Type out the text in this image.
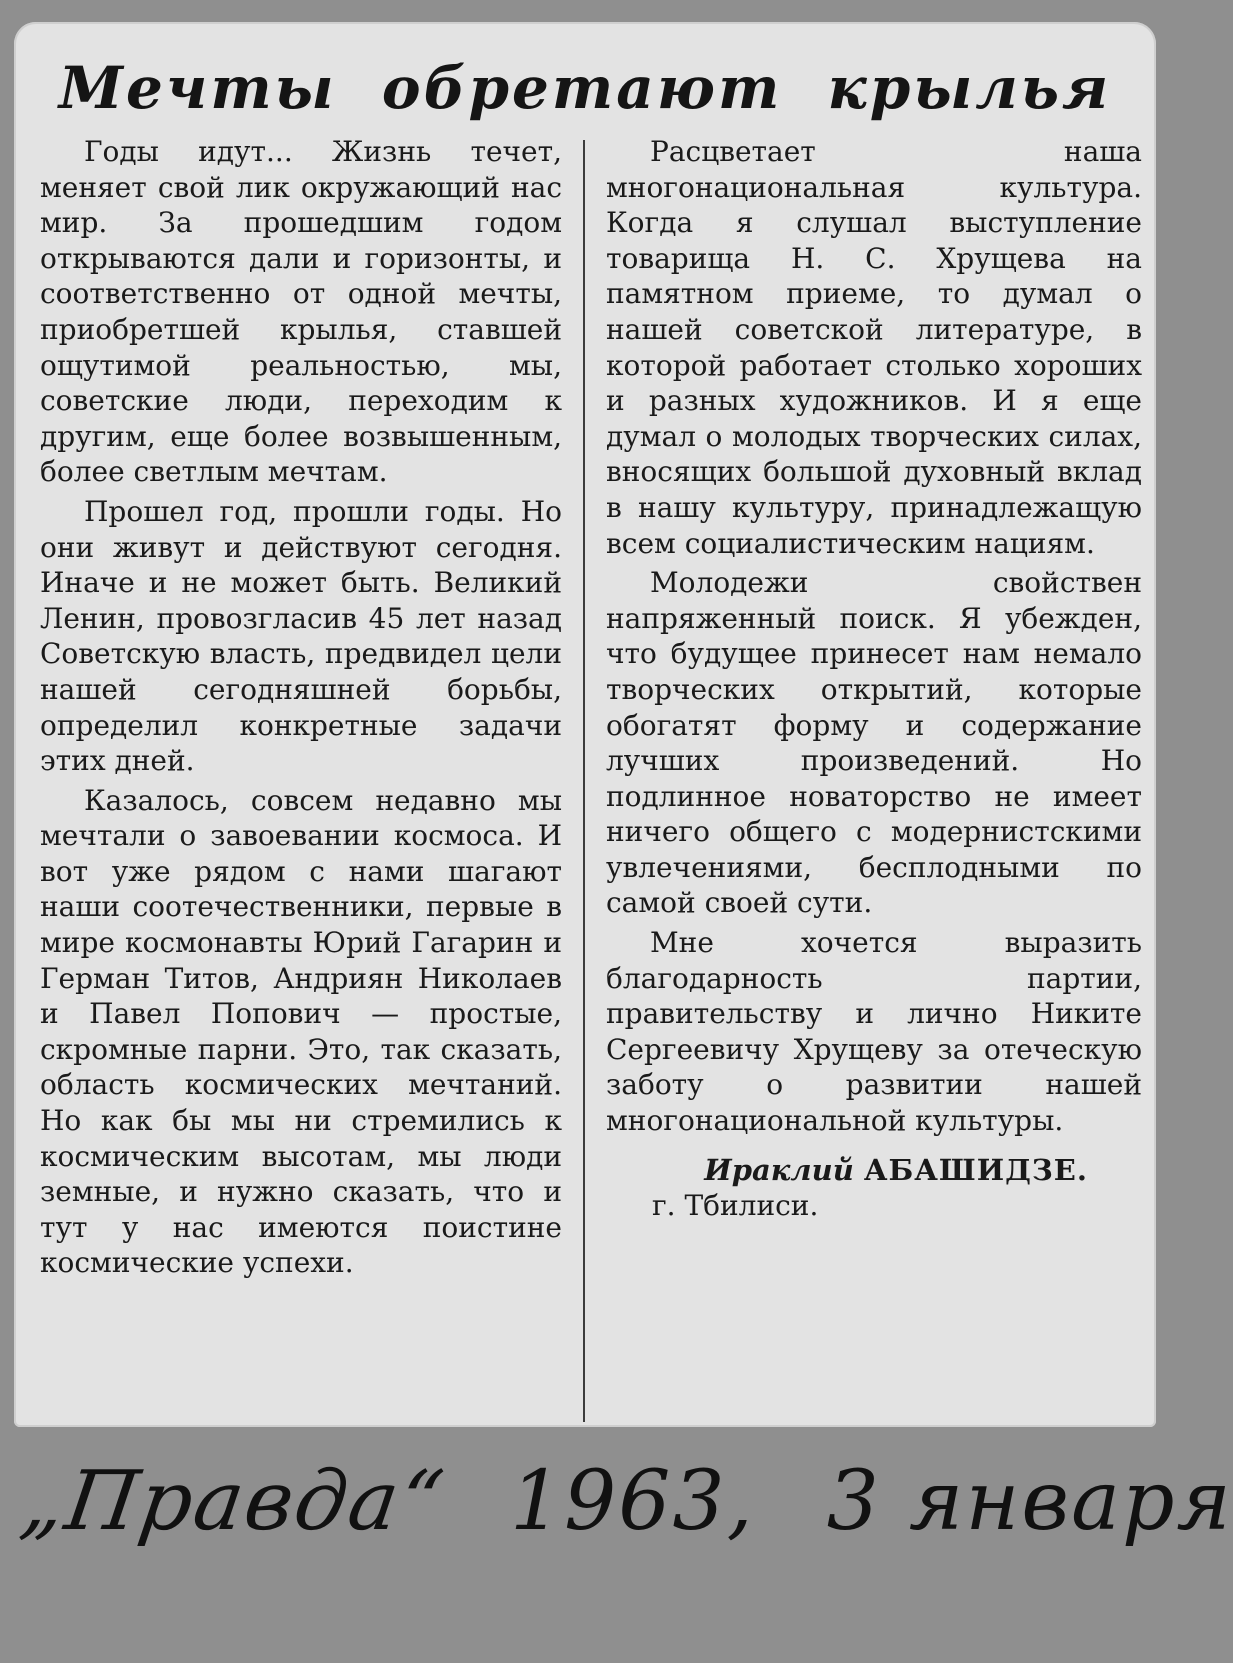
Мечты обретают крылья

Годы идут... Жизнь течет, меняет свой лик окружающий нас мир. За прошедшим годом открываются дали и горизонты, и соответственно от одной мечты, приобретшей крылья, ставшей ощутимой реальностью, мы, советские люди, переходим к другим, еще более возвышенным, более светлым мечтам.

Прошел год, прошли годы. Но они живут и действуют сегодня. Иначе и не может быть. Великий Ленин, провозгласив 45 лет назад Советскую власть, предвидел цели нашей сегодняшней борьбы, определил конкретные задачи этих дней.

Казалось, совсем недавно мы мечтали о завоевании космоса. И вот уже рядом с нами шагают наши соотечественники, первые в мире космонавты Юрий Гагарин и Герман Титов, Андриян Николаев и Павел Попович — простые, скромные парни. Это, так сказать, область космических мечтаний. Но как бы мы ни стремились к космическим высотам, мы люди земные, и нужно сказать, что и тут у нас имеются поистине космические успехи.

Расцветает наша многонациональная культура. Когда я слушал выступление товарища Н. С. Хрущева на памятном приеме, то думал о нашей советской литературе, в которой работает столько хороших и разных художников. И я еще думал о молодых творческих силах, вносящих большой духовный вклад в нашу культуру, принадлежащую всем социалистическим нациям.

Молодежи свойствен напряженный поиск. Я убежден, что будущее принесет нам немало творческих открытий, которые обогатят форму и содержание лучших произведений. Но подлинное новаторство не имеет ничего общего с модернистскими увлечениями, бесплодными по самой своей сути.

Мне хочется выразить благодарность партии, правительству и лично Никите Сергеевичу Хрущеву за отеческую заботу о развитии нашей многонациональной культуры.

Ираклий АБАШИДЗЕ.
г. Тбилиси.
„Правда“ 1963, 3 января
